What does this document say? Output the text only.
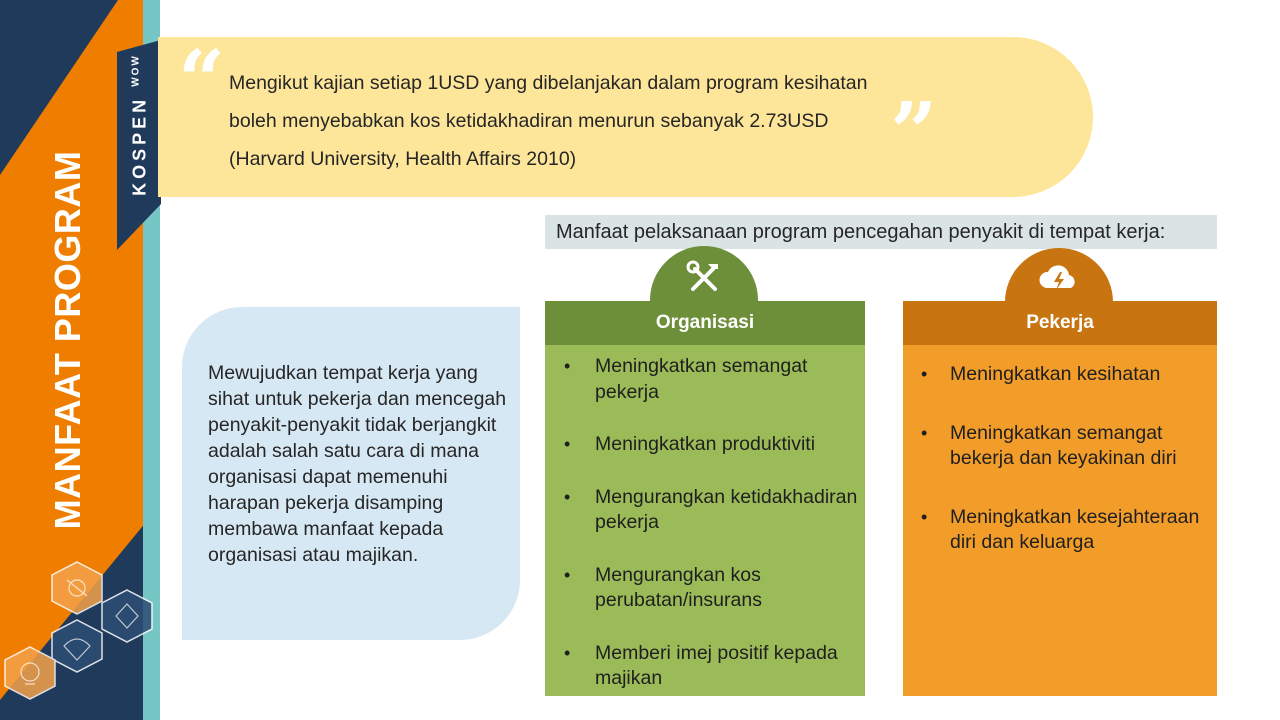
KOSPEN $^{WOW}$
MANFAAT PROGRAM
“
”
Mengikut kajian setiap 1USD yang dibelanjakan dalam program kesihatan
boleh menyebabkan kos ketidakhadiran menurun sebanyak 2.73USD
(Harvard University, Health Affairs 2010)
Mewujudkan tempat kerja yang sihat untuk pekerja dan mencegah penyakit-penyakit tidak berjangkit adalah salah satu cara di mana organisasi dapat memenuhi harapan pekerja disamping membawa manfaat kepada organisasi atau majikan.
Manfaat pelaksanaan program pencegahan penyakit di tempat kerja:
Organisasi
• Meningkatkan semangat pekerja
• Meningkatkan produktiviti
• Mengurangkan ketidakhadiran pekerja
• Mengurangkan kos perubatan/insurans
• Memberi imej positif kepada majikan
Pekerja
• Meningkatkan kesihatan
• Meningkatkan semangat bekerja dan keyakinan diri
• Meningkatkan kesejahteraan diri dan keluarga
